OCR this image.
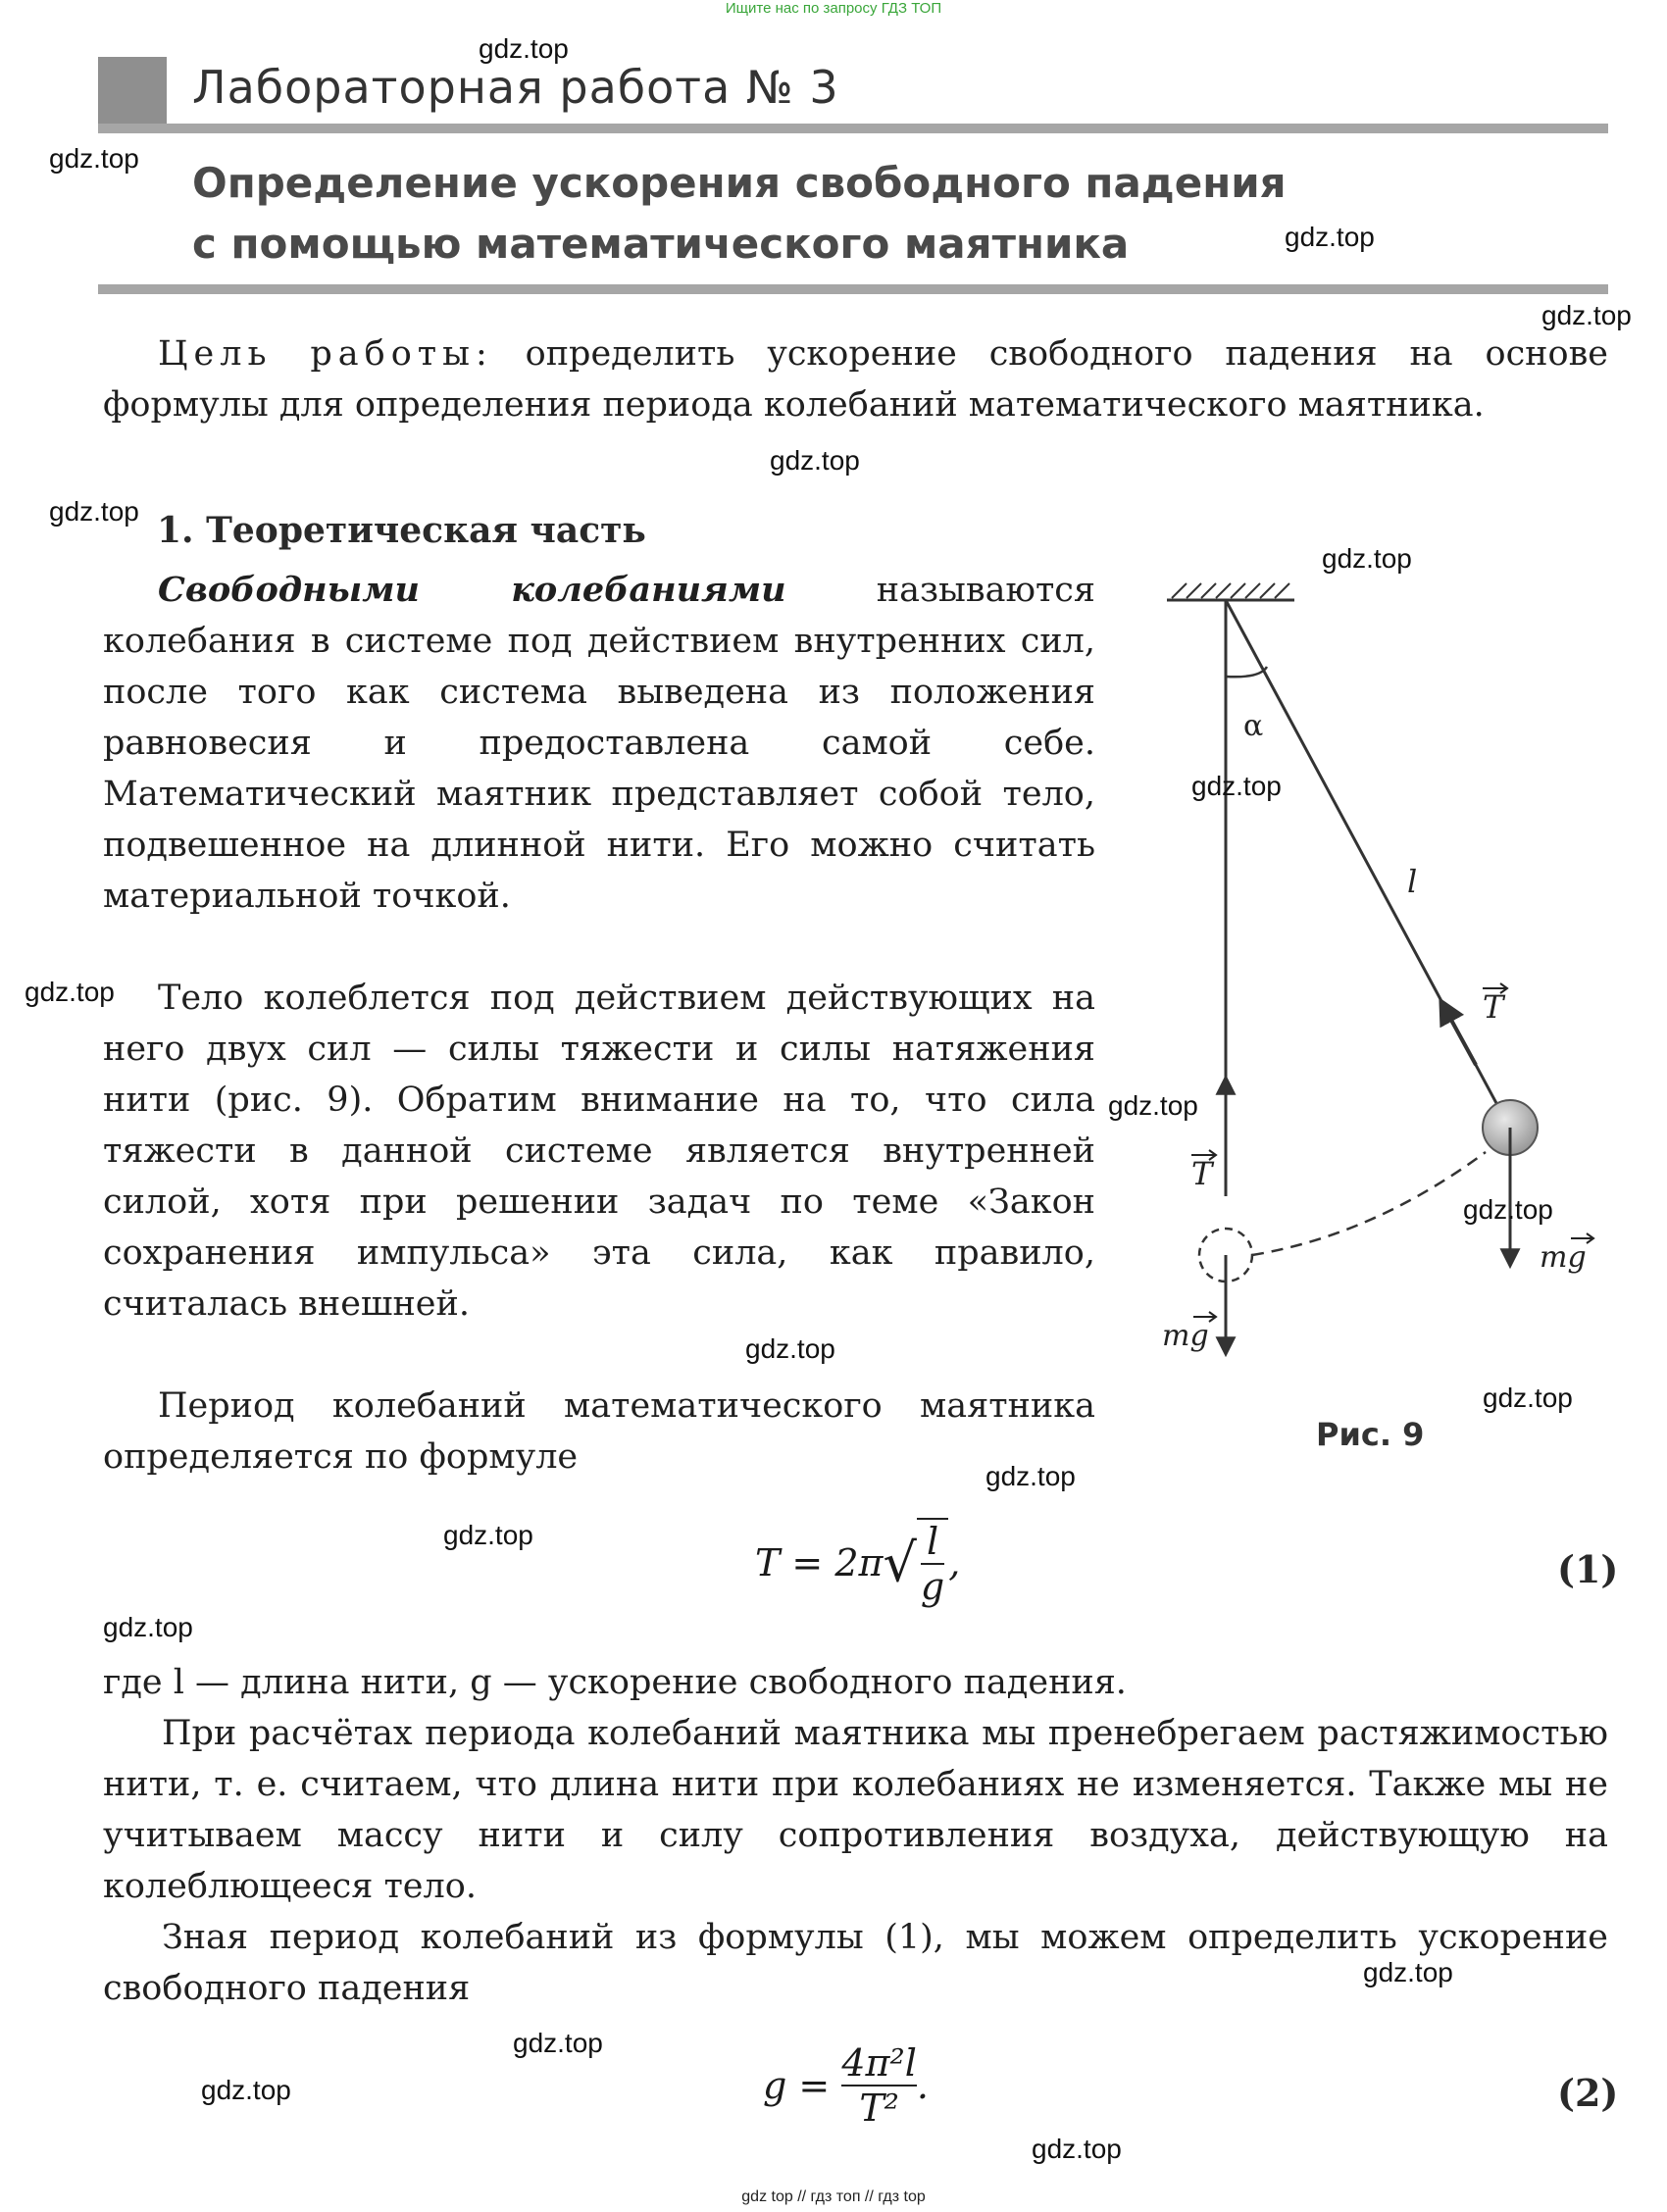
Ищите нас по запросу ГДЗ ТОП
Лабораторная работа № 3
Определение ускорения свободного падения
с помощью математического маятника
Цель работы: определить ускорение свободного падения на основе формулы для определения периода колебаний математического маятника.
1. Теоретическая часть
Свободными колебаниями	называются колебания в системе под действием внутренних сил, после того как система выведена из положения равновесия и предоставлена самой себе. Математический маятник представляет собой тело, подвешенное на длинной нити. Его можно считать материальной точкой.
Тело колеблется под действием действующих на него двух сил — силы тяжести и силы натяжения нити (рис. 9). Обратим внимание на то, что сила тяжести в данной системе является внутренней силой, хотя при решении задач по теме «Закон сохранения импульса» эта сила, как правило, считалась внешней.
Период колебаний математического маятника определяется по формуле
α
l
T
T
mg
mg
Рис. 9
$T = 2\pi√ \frac{l}{g}$ ,	(1)
где l — длина нити, g — ускорение свободного падения.
При расчётах периода колебаний маятника мы пренебрегаем растяжимостью нити, т. е. считаем, что длина нити при колебаниях не изменяется. Также мы не учитываем массу нити и силу сопротивления воздуха, действующую на колеблющееся тело.
Зная период колебаний из формулы (1), мы можем определить ускорение свободного падения
$g = \frac{\text{4π²l}}{\text{T²}}$ .	(2)
gdz.top
gdz.top
gdz.top
gdz.top
gdz.top
gdz.top
gdz.top
gdz.top
gdz.top
gdz.top
gdz.top
gdz.top
gdz.top
gdz.top
gdz.top
gdz.top
gdz.top
gdz.top
gdz.top
gdz.top
gdz top // гдз топ // гдз top
